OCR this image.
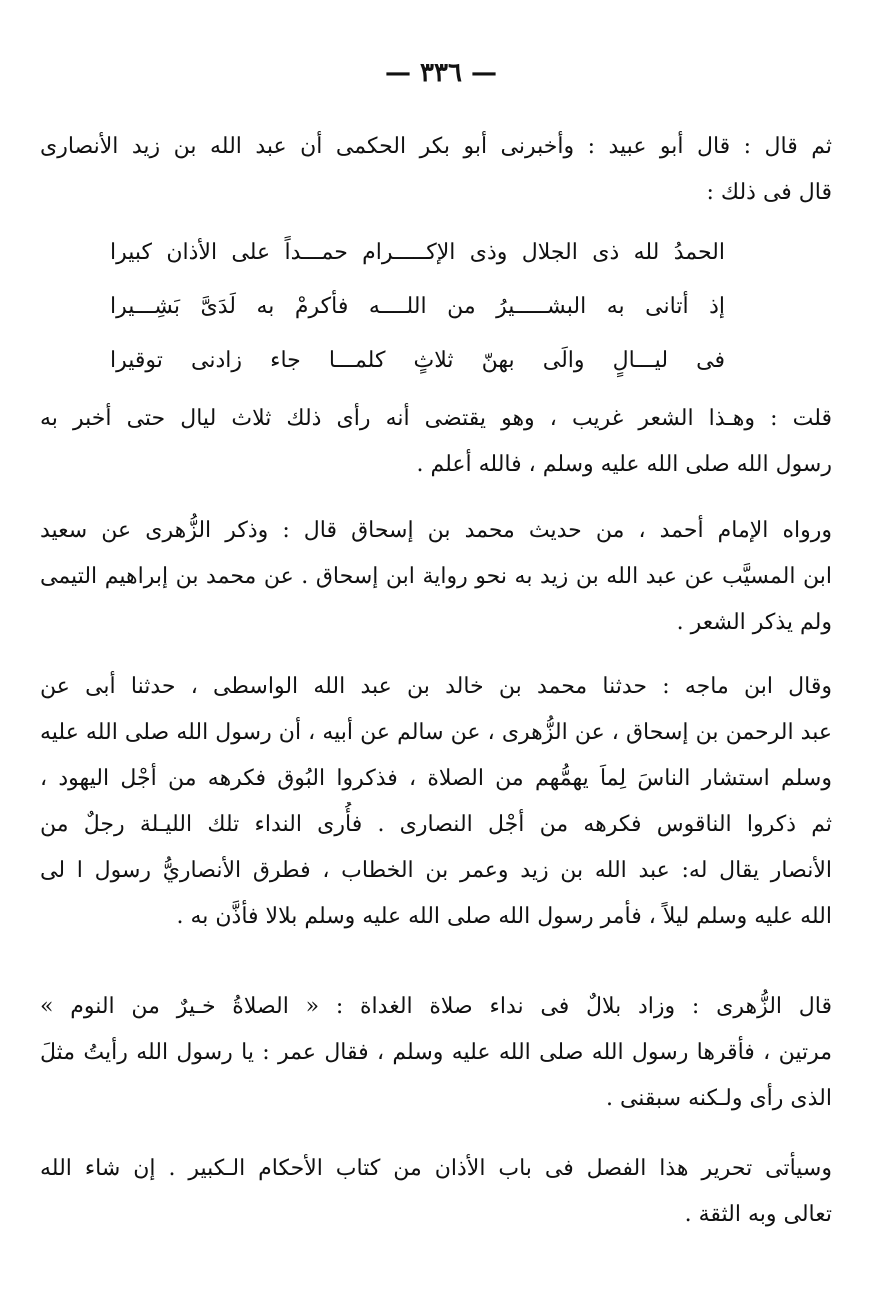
— ٣٣٦ —
ثم قال : قال أبو عبيد : وأخبرنى أبو بكر الحكمى أن عبد الله بن زيد الأنصارى
قال فى ذلك :
الحمدُ لله ذى الجلال وذى الإكـــــرام حمـــداً على الأذان كبيرا
إذ أتانى به البشـــــيرُ من اللــــه فأكرمْ به لَدَىَّ بَشِـــيرا
فى ليـــالٍ والَى بهنّ ثلاثٍ كلمـــا جاء زادنى توقيرا
قلت : وهـذا الشعر غريب ، وهو يقتضى أنه رأى ذلك ثلاث ليال حتى أخبر به
رسول الله صلى الله عليه وسلم ، فالله أعلم .
ورواه الإمام أحمد ، من حديث محمد بن إسحاق قال : وذكر الزُّهرى عن سعيد
ابن المسيَّب عن عبد الله بن زيد به نحو رواية ابن إسحاق . عن محمد بن إبراهيم التيمى
ولم يذكر الشعر .
وقال ابن ماجه : حدثنا محمد بن خالد بن عبد الله الواسطى ، حدثنا أبى عن
عبد الرحمن بن إسحاق ، عن الزُّهرى ، عن سالم عن أبيه ، أن رسول الله صلى الله عليه
وسلم استشار الناسَ لِماَ يهمُّهم من الصلاة ، فذكروا البُوق فكرهه من أجْل اليهود ،
ثم ذكروا الناقوس فكرهه من أجْل النصارى . فأُرى النداء تلك الليـلة رجلٌ من
الأنصار يقال له: عبد الله بن زيد وعمر بن الخطاب ، فطرق الأنصاريُّ رسول ا لى
الله عليه وسلم ليلاً ، فأمر رسول الله صلى الله عليه وسلم بلالا فأذَّن به .
قال الزُّهرى : وزاد بلالٌ فى نداء صلاة الغداة : « الصلاةُ خـيرٌ من النوم »
مرتين ، فأقرها رسول الله صلى الله عليه وسلم ، فقال عمر : يا رسول الله رأيتُ مثلَ
الذى رأى ولـكنه سبقنى .
وسيأتى تحرير هذا الفصل فى باب الأذان من كتاب الأحكام الـكبير . إن شاء الله
تعالى وبه الثقة .
